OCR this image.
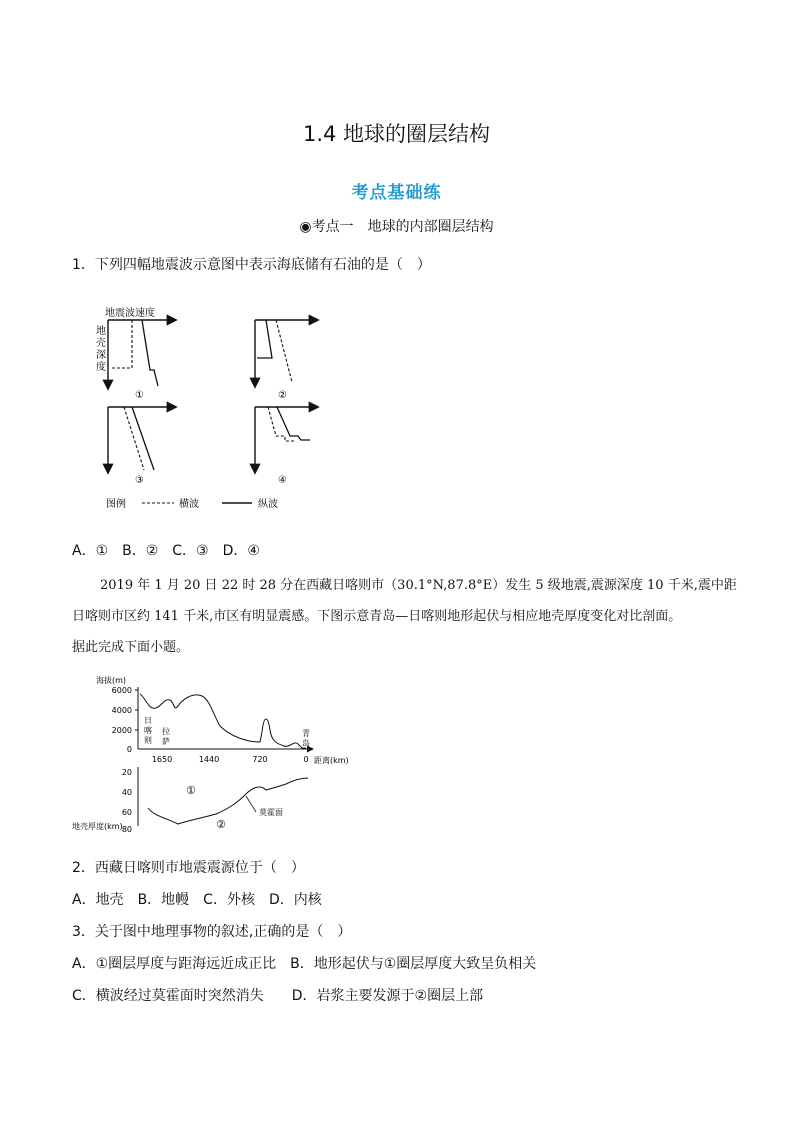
1.4 地球的圈层结构
考点基础练
◉考点一　地球的内部圈层结构
1．下列四幅地震波示意图中表示海底储有石油的是（　）
地震波速度
①
地
壳
深
度
②
③	④
图例	横波	纵波
A．①　B．②　C．③　D．④
2019 年 1 月 20 日 22 时 28 分在西藏日喀则市（30.1°N,87.8°E）发生 5 级地震,震源深度 10 千米,震中距
日喀则市区约 141 千米,市区有明显震感。下图示意青岛—日喀则地形起伏与相应地壳厚度变化对比剖面。
据此完成下面小题。
海拔(m)
6000
4000
2000
0
1650	1440	720	0 距离(km)
日
喀
则
拉
萨
青
岛
20
40
60
80
地壳厚度(km)
莫霍面
①
②
2．西藏日喀则市地震震源位于（　）
A．地壳　B．地幔　C．外核　D．内核
3．关于图中地理事物的叙述,正确的是（　）
A．①圈层厚度与距海远近成正比　B．地形起伏与①圈层厚度大致呈负相关
C．横波经过莫霍面时突然消失　　D．岩浆主要发源于②圈层上部
